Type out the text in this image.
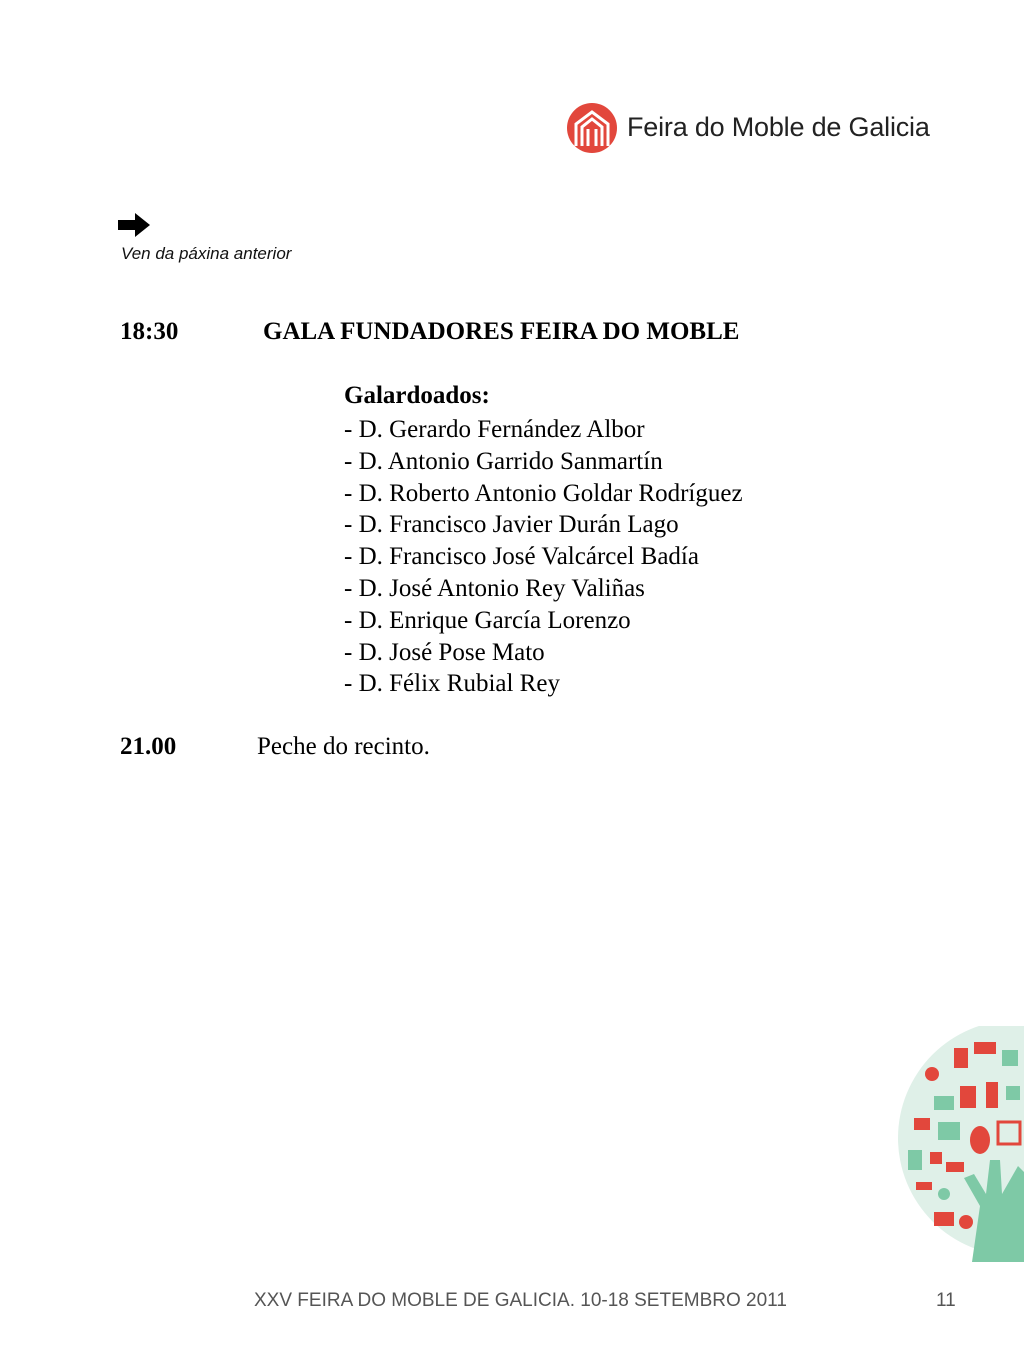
Feira do Moble de Galicia
Ven da páxina anterior
18:30	GALA FUNDADORES FEIRA DO MOBLE
Galardoados:
- D. Gerardo Fernández Albor
- D. Antonio Garrido Sanmartín
- D. Roberto Antonio Goldar Rodríguez
- D. Francisco Javier Durán Lago
- D. Francisco José Valcárcel Badía
- D. José Antonio Rey Valiñas
- D. Enrique García Lorenzo
- D. José Pose Mato
- D. Félix Rubial Rey
21.00	Peche do recinto.
XXV FEIRA DO MOBLE DE GALICIA. 10-18 SETEMBRO 2011	11
